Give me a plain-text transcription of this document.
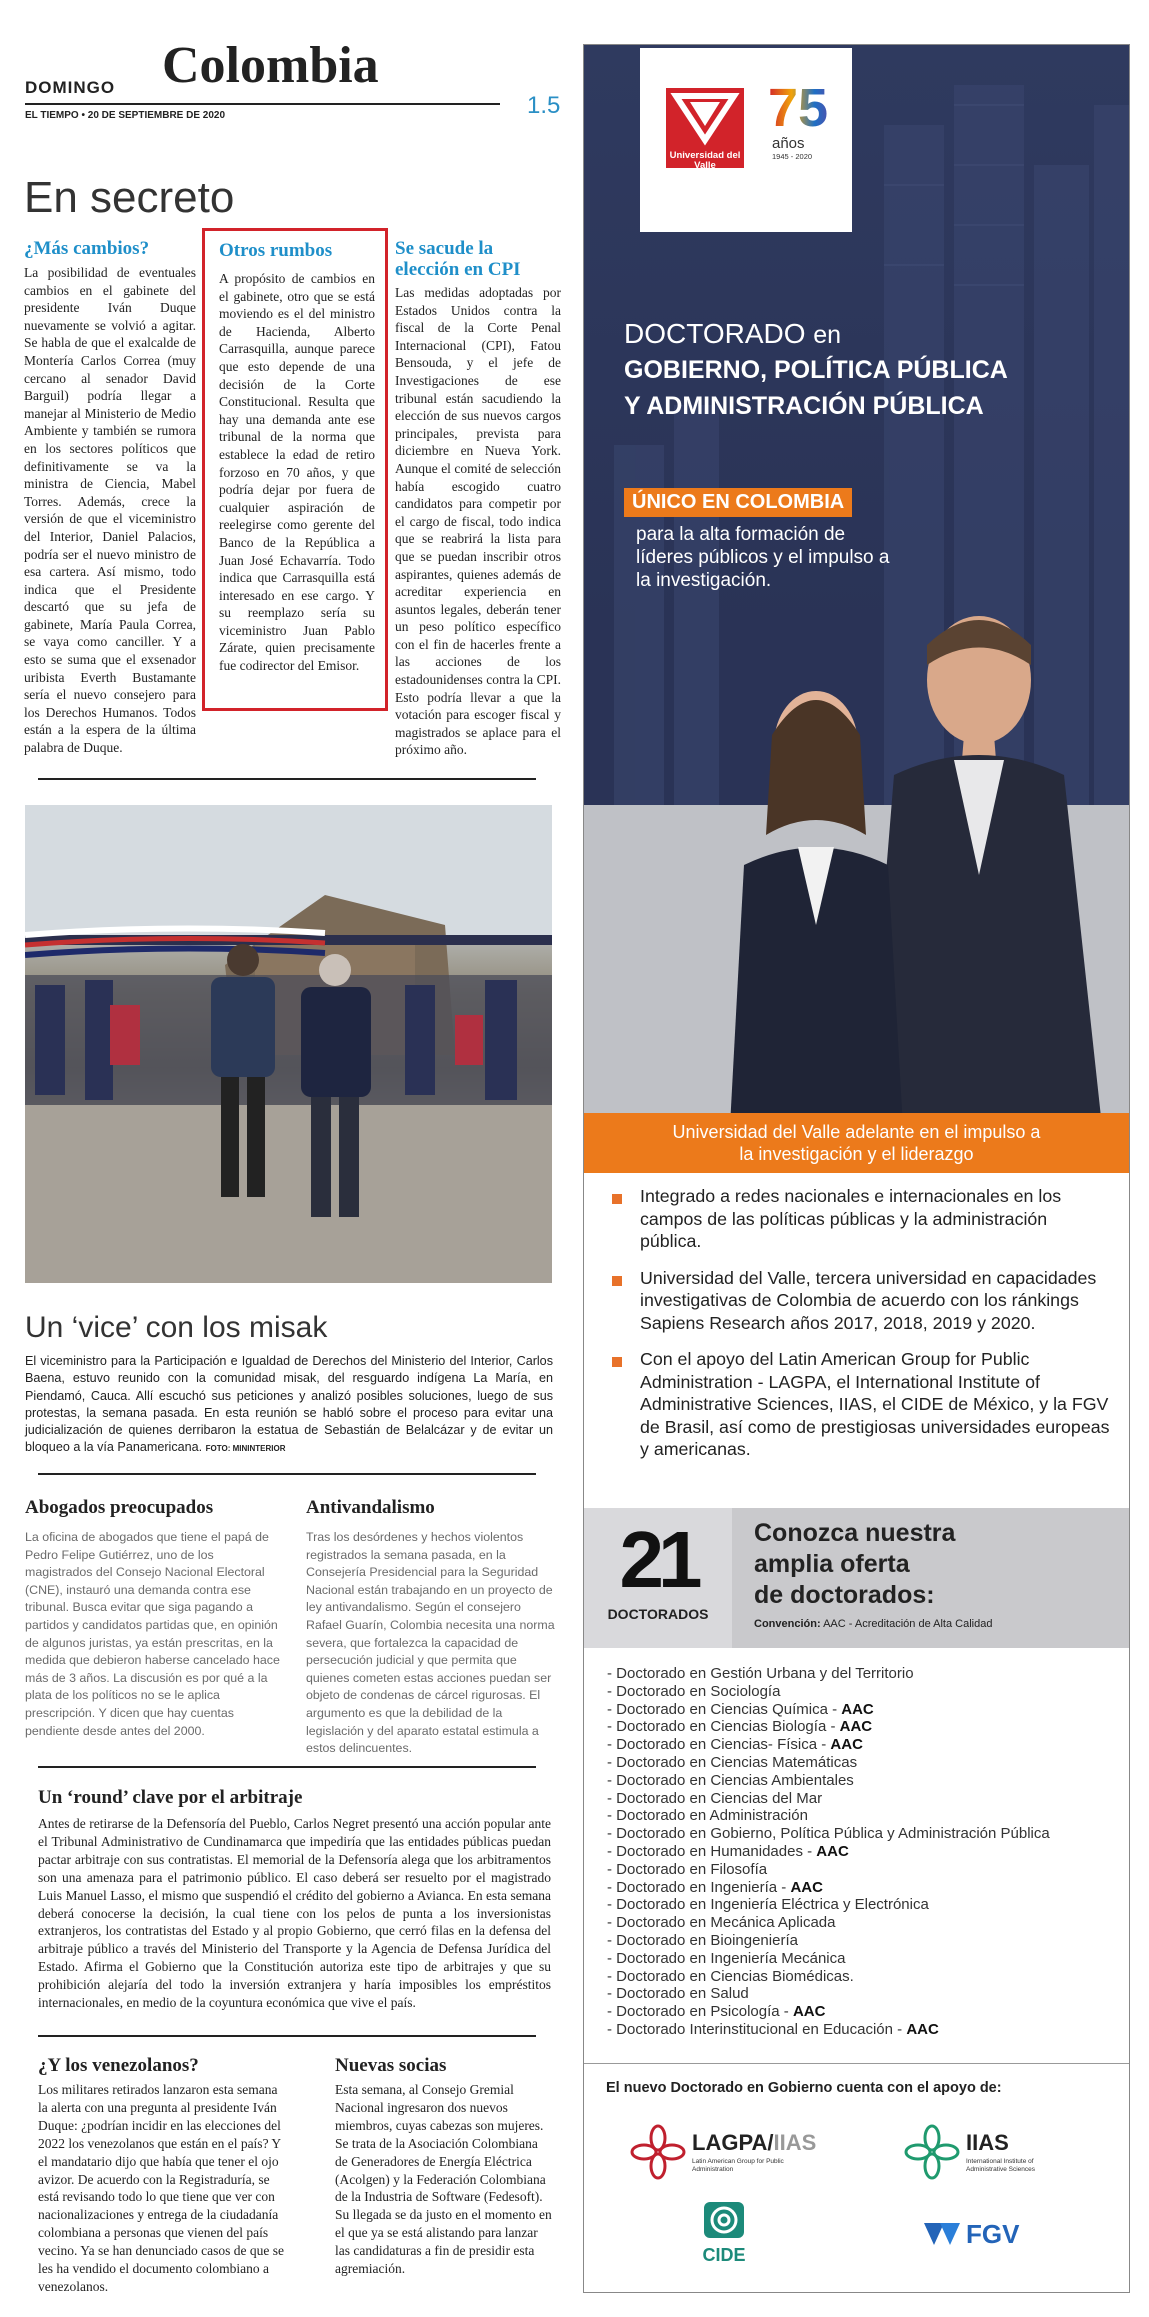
DOMINGO Colombia
EL TIEMPO • 20 DE SEPTIEMBRE DE 2020	1.5
En secreto
¿Más cambios?
La posibilidad de eventuales cambios en el gabinete del presidente Iván Duque nuevamente se volvió a agitar. Se habla de que el exalcalde de Montería Carlos Correa (muy cercano al senador David Barguil) podría llegar a manejar al Ministerio de Medio Ambiente y también se rumora en los sectores políticos que definitivamente se va la ministra de Ciencia, Mabel Torres. Además, crece la versión de que el viceministro del Interior, Daniel Palacios, podría ser el nuevo ministro de esa cartera. Así mismo, todo indica que el Presidente descartó que su jefa de gabinete, María Paula Correa, se vaya como canciller. Y a esto se suma que el exsenador uribista Everth Bustamante sería el nuevo consejero para los Derechos Humanos. Todos están a la espera de la última palabra de Duque.
Otros rumbos
A propósito de cambios en el gabinete, otro que se está moviendo es el del ministro de Hacienda, Alberto Carrasquilla, aunque parece que esto depende de una decisión de la Corte Constitucional. Resulta que hay una demanda ante ese tribunal de la norma que establece la edad de retiro forzoso en 70 años, y que podría dejar por fuera de cualquier aspiración de reelegirse como gerente del Banco de la República a Juan José Echavarría. Todo indica que Carrasquilla está interesado en ese cargo. Y su reemplazo sería su viceministro Juan Pablo Zárate, quien precisamente fue codirector del Emisor.
Se sacude la elección en CPI
Las medidas adoptadas por Estados Unidos contra la fiscal de la Corte Penal Internacional (CPI), Fatou Bensouda, y el jefe de Investigaciones de ese tribunal están sacudiendo la elección de sus nuevos cargos principales, prevista para diciembre en Nueva York. Aunque el comité de selección había escogido cuatro candidatos para competir por el cargo de fiscal, todo indica que se reabrirá la lista para que se puedan inscribir otros aspirantes, quienes además de acreditar experiencia en asuntos legales, deberán tener un peso político específico con el fin de hacerles frente a las acciones de los estadounidenses contra la CPI. Esto podría llevar a que la votación para escoger fiscal y magistrados se aplace para el próximo año.
Un ‘vice’ con los misak
El viceministro para la Participación e Igualdad de Derechos del Ministerio del Interior, Carlos Baena, estuvo reunido con la comunidad misak, del resguardo indígena La María, en Piendamó, Cauca. Allí escuchó sus peticiones y analizó posibles soluciones, luego de sus protestas, la semana pasada. En esta reunión se habló sobre el proceso para evitar una judicialización de quienes derribaron la estatua de Sebastián de Belalcázar y de evitar un bloqueo a la vía Panamericana. FOTO: MININTERIOR
Abogados preocupados
La oficina de abogados que tiene el papá de Pedro Felipe Gutiérrez, uno de los magistrados del Consejo Nacional Electoral (CNE), instauró una demanda contra ese tribunal. Busca evitar que siga pagando a partidos y candidatos partidas que, en opinión de algunos juristas, ya están prescritas, en la medida que debieron haberse cancelado hace más de 3 años. La discusión es por qué a la plata de los políticos no se le aplica prescripción. Y dicen que hay cuentas pendiente desde antes del 2000.
Antivandalismo
Tras los desórdenes y hechos violentos registrados la semana pasada, en la Consejería Presidencial para la Seguridad Nacional están trabajando en un proyecto de ley antivandalismo. Según el consejero Rafael Guarín, Colombia necesita una norma severa, que fortalezca la capacidad de persecución judicial y que permita que quienes cometen estas acciones puedan ser objeto de condenas de cárcel rigurosas. El argumento es que la debilidad de la legislación y del aparato estatal estimula a estos delincuentes.
Un ‘round’ clave por el arbitraje
Antes de retirarse de la Defensoría del Pueblo, Carlos Negret presentó una acción popular ante el Tribunal Administrativo de Cundinamarca que impediría que las entidades públicas puedan pactar arbitraje con sus contratistas. El memorial de la Defensoría alega que los arbitramentos son una amenaza para el patrimonio público. El caso deberá ser resuelto por el magistrado Luis Manuel Lasso, el mismo que suspendió el crédito del gobierno a Avianca. En esta semana deberá conocerse la decisión, la cual tiene con los pelos de punta a los inversionistas extranjeros, los contratistas del Estado y al propio Gobierno, que cerró filas en la defensa del arbitraje público a través del Ministerio del Transporte y la Agencia de Defensa Jurídica del Estado. Afirma el Gobierno que la Constitución autoriza este tipo de arbitrajes y que su prohibición alejaría del todo la inversión extranjera y haría imposibles los empréstitos internacionales, en medio de la coyuntura económica que vive el país.
¿Y los venezolanos?
Los militares retirados lanzaron esta semana la alerta con una pregunta al presidente Iván Duque: ¿podrían incidir en las elecciones del 2022 los venezolanos que están en el país? Y el mandatario dijo que había que tener el ojo avizor. De acuerdo con la Registraduría, se está revisando todo lo que tiene que ver con nacionalizaciones y entrega de la ciudadanía colombiana a personas que vienen del país vecino. Ya se han denunciado casos de que se les ha vendido el documento colombiano a venezolanos.
Nuevas socias
Esta semana, al Consejo Gremial Nacional ingresaron dos nuevos miembros, cuyas cabezas son mujeres. Se trata de la Asociación Colombiana de Generadores de Energía Eléctrica (Acolgen) y la Federación Colombiana de la Industria de Software (Fedesoft). Su llegada se da justo en el momento en el que ya se está alistando para lanzar las candidaturas a fin de presidir esta agremiación.
Universidad del Valle
75
años
1945 - 2020
DOCTORADO en
GOBIERNO, POLÍTICA PÚBLICA
Y ADMINISTRACIÓN PÚBLICA
ÚNICO EN COLOMBIA
para la alta formación de líderes públicos y el impulso a la investigación.
Universidad del Valle adelante en el impulso a la investigación y el liderazgo
Integrado a redes nacionales e internacionales en los campos de las políticas públicas y la administración pública.
Universidad del Valle, tercera universidad en capacidades investigativas de Colombia de acuerdo con los ránkings Sapiens Research años 2017, 2018, 2019 y 2020.
Con el apoyo del Latin American Group for Public Administration - LAGPA, el International Institute of Administrative Sciences, IIAS, el CIDE de México, y la FGV de Brasil, así como de prestigiosas universidades europeas y americanas.
21
DOCTORADOS
Conozca nuestra
amplia oferta
de doctorados:
Convención: AAC - Acreditación de Alta Calidad
- Doctorado en Gestión Urbana y del Territorio
- Doctorado en Sociología
- Doctorado en Ciencias Química - AAC
- Doctorado en Ciencias Biología - AAC
- Doctorado en Ciencias- Física - AAC
- Doctorado en Ciencias Matemáticas
- Doctorado en Ciencias Ambientales
- Doctorado en Ciencias del Mar
- Doctorado en Administración
- Doctorado en Gobierno, Política Pública y Administración Pública
- Doctorado en Humanidades - AAC
- Doctorado en Filosofía
- Doctorado en Ingeniería - AAC
- Doctorado en Ingeniería Eléctrica y Electrónica
- Doctorado en Mecánica Aplicada
- Doctorado en Bioingeniería
- Doctorado en Ingeniería Mecánica
- Doctorado en Ciencias Biomédicas.
- Doctorado en Salud
- Doctorado en Psicología - AAC
- Doctorado Interinstitucional en Educación - AAC
El nuevo Doctorado en Gobierno cuenta con el apoyo de:
LAGPA/IIAS
Latin American Group for Public Administration
IIAS
International Institute of Administrative Sciences
CIDE
FGV
